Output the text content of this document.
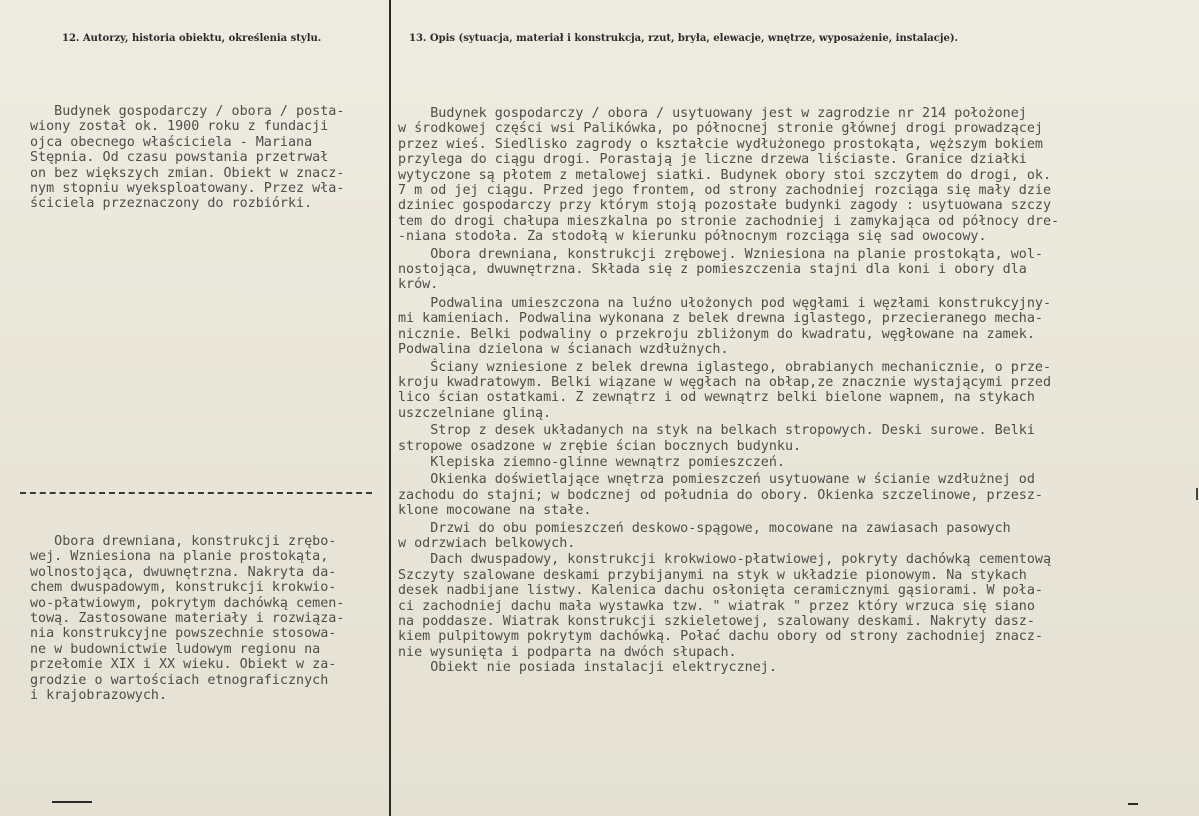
12. Autorzy, historia obiektu, określenia stylu.	13. Opis (sytuacja, materiał i konstrukcja, rzut, bryła, elewacje, wnętrze, wyposażenie, instalacje).

Budynek gospodarczy / obora / posta-

wiony został ok. 1900 roku z fundacji

ojca obecnego właściciela - Mariana

Stępnia. Od czasu powstania przetrwał

on bez większych zmian. Obiekt w znacz-

nym stopniu wyeksploatowany. Przez wła-

ściciela przeznaczony do rozbiórki.

Obora drewniana, konstrukcji zrębo-

wej. Wzniesiona na planie prostokąta,

wolnostojąca, dwuwnętrzna. Nakryta da-

chem dwuspadowym, konstrukcji krokwio-

wo-płatwiowym, pokrytym dachówką cemen-

tową. Zastosowane materiały i rozwiąza-

nia konstrukcyjne powszechnie stosowa-

ne w budownictwie ludowym regionu na

przełomie XIX i XX wieku. Obiekt w za-

grodzie o wartościach etnograficznych

i krajobrazowych.

Budynek gospodarczy / obora / usytuowany jest w zagrodzie nr 214 położonej

w środkowej części wsi Palikówka, po północnej stronie głównej drogi prowadzącej

przez wieś. Siedlisko zagrody o kształcie wydłużonego prostokąta, węższym bokiem

przylega do ciągu drogi. Porastają je liczne drzewa liściaste. Granice działki

wytyczone są płotem z metalowej siatki. Budynek obory stoi szczytem do drogi, ok.

7 m od jej ciągu. Przed jego frontem, od strony zachodniej rozciąga się mały dzie

dziniec gospodarczy przy którym stoją pozostałe budynki zagody : usytuowana szczy

tem do drogi chałupa mieszkalna po stronie zachodniej i zamykająca od północy dre-

-niana stodoła. Za stodołą w kierunku północnym rozciąga się sad owocowy.

Obora drewniana, konstrukcji zrębowej. Wzniesiona na planie prostokąta, wol-

nostojąca, dwuwnętrzna. Składa się z pomieszczenia stajni dla koni i obory dla

krów.

Podwalina umieszczona na luźno ułożonych pod węgłami i węzłami konstrukcyjny-

mi kamieniach. Podwalina wykonana z belek drewna iglastego, przecieranego mecha-

nicznie. Belki podwaliny o przekroju zbliżonym do kwadratu, węgłowane na zamek.

Podwalina dzielona w ścianach wzdłużnych.

Ściany wzniesione z belek drewna iglastego, obrabianych mechanicznie, o prze-

kroju kwadratowym. Belki wiązane w węgłach na obłap,ze znacznie wystającymi przed

lico ścian ostatkami. Z zewnątrz i od wewnątrz belki bielone wapnem, na stykach

uszczelniane gliną.

Strop z desek układanych na styk na belkach stropowych. Deski surowe. Belki

stropowe osadzone w zrębie ścian bocznych budynku.

Klepiska ziemno-glinne wewnątrz pomieszczeń.

Okienka doświetlające wnętrza pomieszczeń usytuowane w ścianie wzdłużnej od

zachodu do stajni; w bodcznej od południa do obory. Okienka szczelinowe, przesz-

klone mocowane na stałe.

Drzwi do obu pomieszczeń deskowo-spągowe, mocowane na zawiasach pasowych

w odrzwiach belkowych.

Dach dwuspadowy, konstrukcji krokwiowo-płatwiowej, pokryty dachówką cementową

Szczyty szalowane deskami przybijanymi na styk w układzie pionowym. Na stykach

desek nadbijane listwy. Kalenica dachu osłonięta ceramicznymi gąsiorami. W poła-

ci zachodniej dachu mała wystawka tzw. " wiatrak " przez który wrzuca się siano

na poddasze. Wiatrak konstrukcji szkieletowej, szalowany deskami. Nakryty dasz-

kiem pulpitowym pokrytym dachówką. Połać dachu obory od strony zachodniej znacz-

nie wysunięta i podparta na dwóch słupach.

Obiekt nie posiada instalacji elektrycznej.
